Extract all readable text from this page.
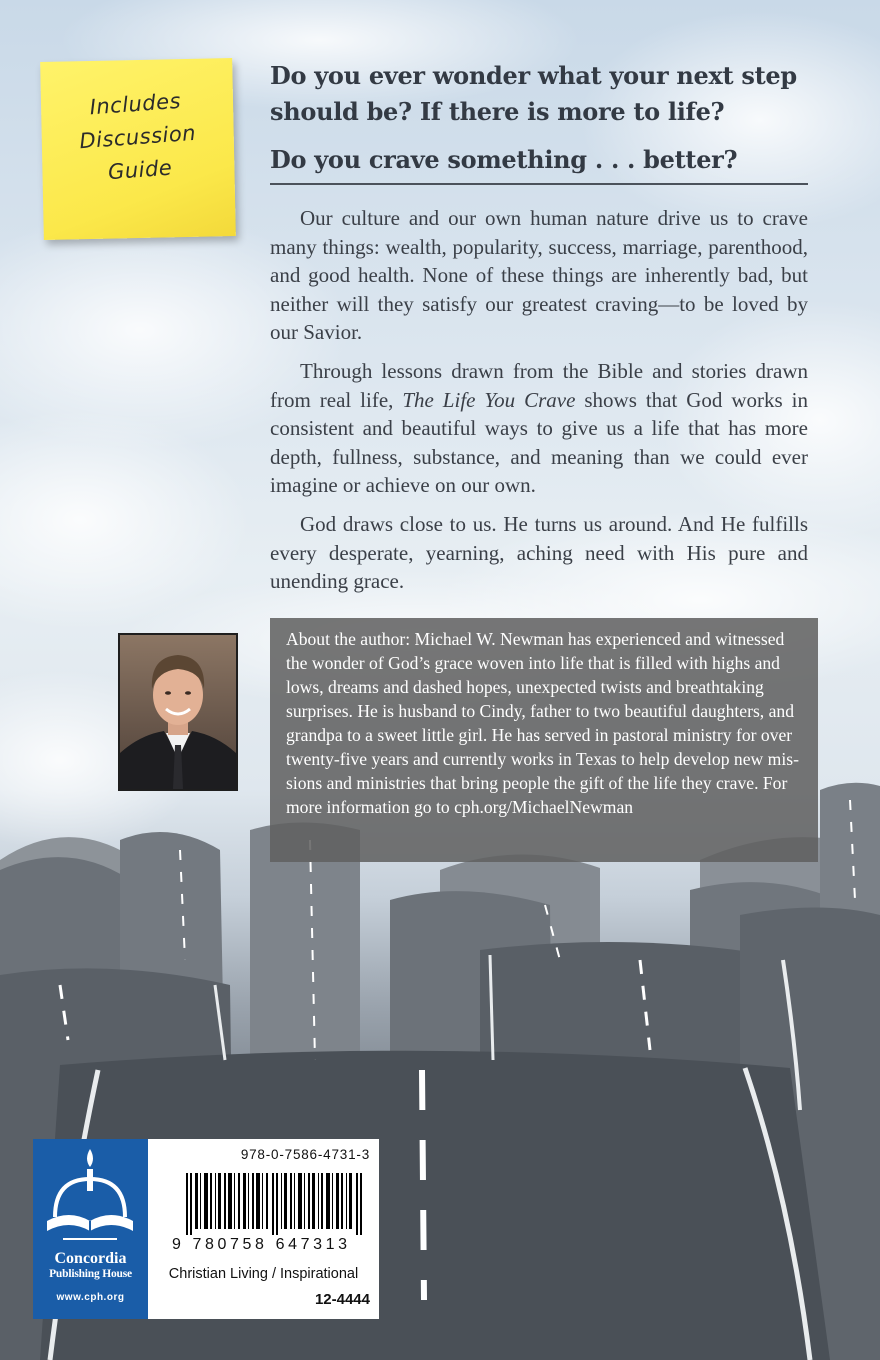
Includes
Discussion
Guide

Do you ever wonder what your next step should be? If there is more to life?

Do you crave something . . . better?

Our culture and our own human nature drive us to crave many things: wealth, popularity, success, marriage, parenthood, and good health. None of these things are inherently bad, but neither will they satisfy our greatest craving—to be loved by our Savior.

Through lessons drawn from the Bible and stories drawn from real life, The Life You Crave shows that God works in consistent and beautiful ways to give us a life that has more depth, fullness, substance, and meaning than we could ever imagine or achieve on our own.

God draws close to us. He turns us around. And He fulfills every desperate, yearning, aching need with His pure and unending grace.

About the author: Michael W. Newman has experienced and witnessed the wonder of God’s grace woven into life that is filled with highs and lows, dreams and dashed hopes, unexpected twists and breathtaking surprises. He is husband to Cindy, father to two beautiful daughters, and grandpa to a sweet little girl. He has served in pastoral ministry for over twenty-five years and currently works in Texas to help develop new missions and ministries that bring people the gift of the life they crave. For more information go to cph.org/MichaelNewman

Concordia
Publishing House
www.cph.org
978-0-7586-4731-3
9 780758 647313
Christian Living / Inspirational
12-4444
